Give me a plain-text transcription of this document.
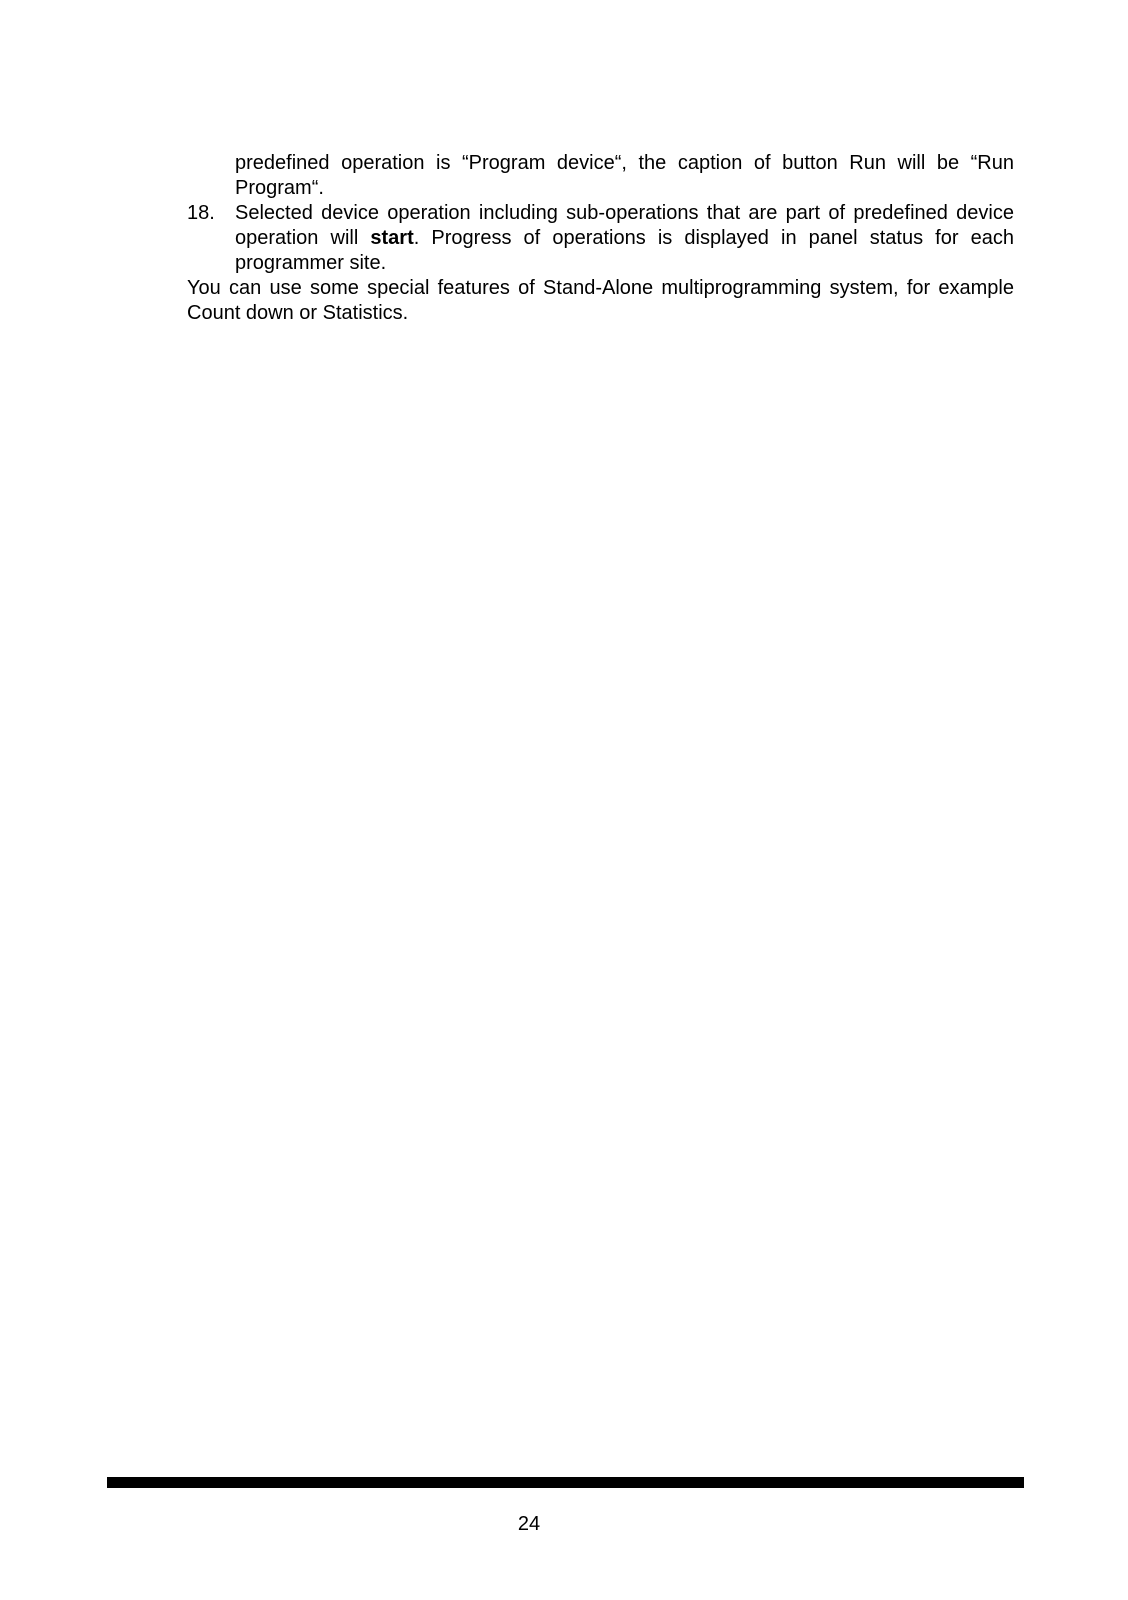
predefined operation is “Program device“, the caption of button Run will be “Run Program“.

18. Selected device operation including sub-operations that are part of predefined device operation will start. Progress of operations is displayed in panel status for each programmer site.

You can use some special features of Stand-Alone multiprogramming system, for example Count down or Statistics.

24
